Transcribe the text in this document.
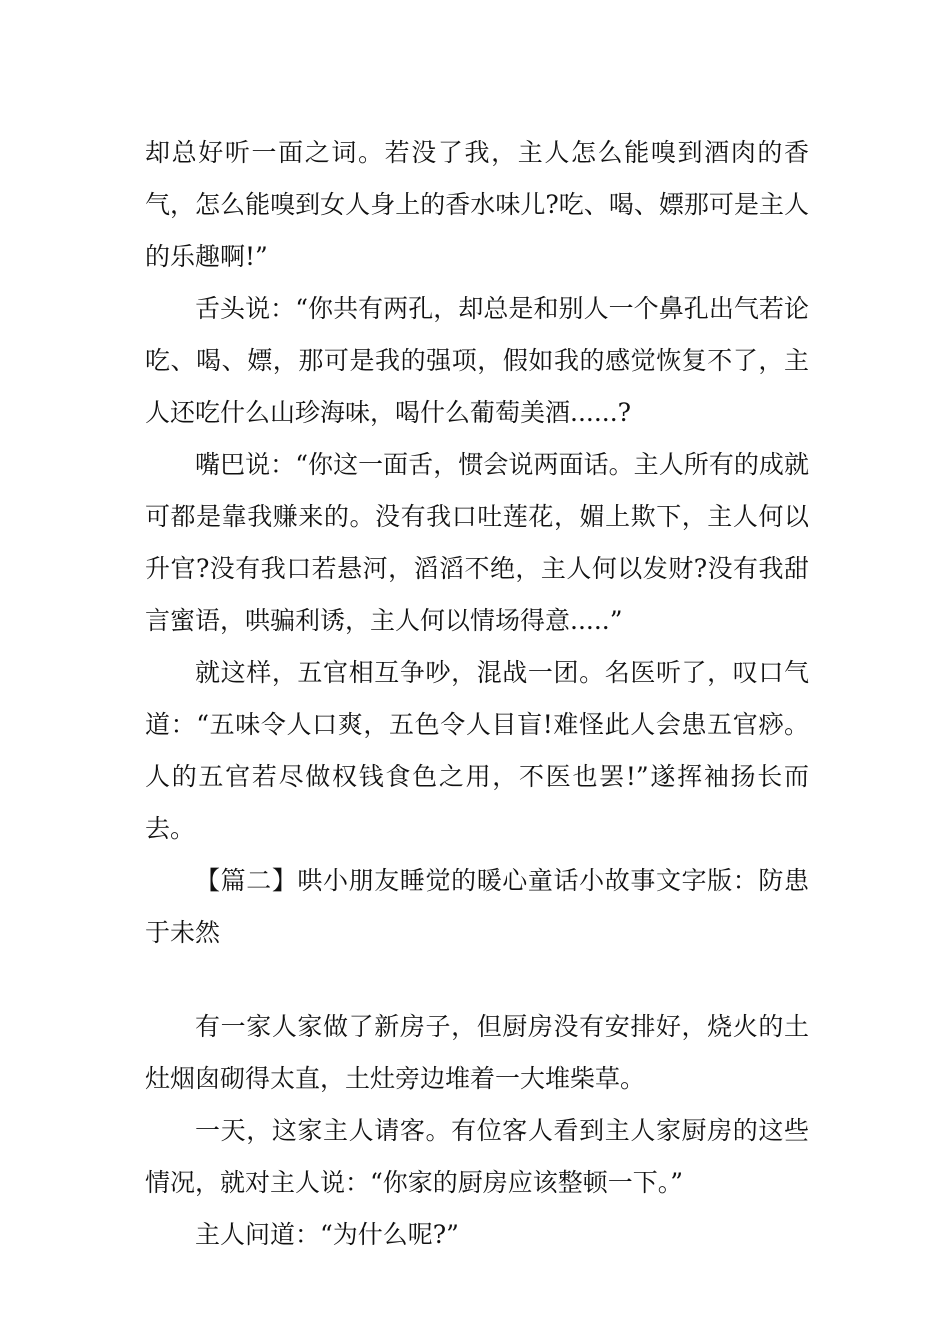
却总好听一面之词。若没了我，主人怎么能嗅到酒肉的香气，怎么能嗅到女人身上的香水味儿?吃、喝、嫖那可是主人的乐趣啊!”

舌头说：“你共有两孔，却总是和别人一个鼻孔出气若论吃、喝、嫖，那可是我的强项，假如我的感觉恢复不了，主人还吃什么山珍海味，喝什么葡萄美酒......?

嘴巴说：“你这一面舌，惯会说两面话。主人所有的成就可都是靠我赚来的。没有我口吐莲花，媚上欺下，主人何以升官?没有我口若悬河，滔滔不绝，主人何以发财?没有我甜言蜜语，哄骗利诱，主人何以情场得意.....”

就这样，五官相互争吵，混战一团。名医听了，叹口气道：“五味令人口爽，五色令人目盲!难怪此人会患五官痧。人的五官若尽做权钱食色之用，不医也罢!”遂挥袖扬长而去。

【篇二】哄小朋友睡觉的暖心童话小故事文字版：防患于未然

有一家人家做了新房子，但厨房没有安排好，烧火的土灶烟囱砌得太直，土灶旁边堆着一大堆柴草。

一天，这家主人请客。有位客人看到主人家厨房的这些情况，就对主人说：“你家的厨房应该整顿一下。”

主人问道：“为什么呢?”
